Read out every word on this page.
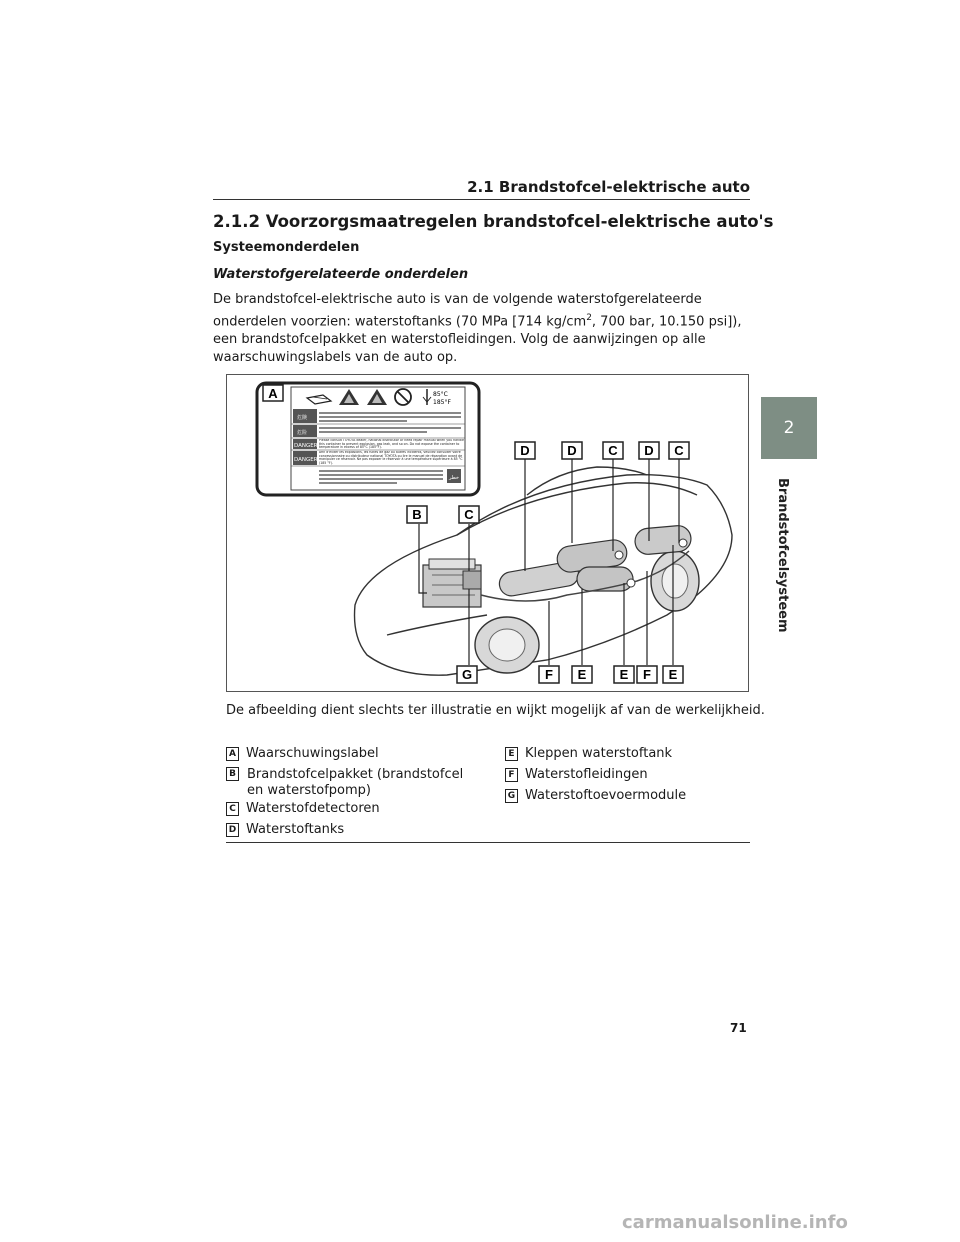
2.1 Brandstofcel-elektrische auto
2.1.2 Voorzorgsmaatregelen brandstofcel-elektrische auto's
Systeemonderdelen
Waterstofgerelateerde onderdelen
De brandstofcel-elektrische auto is van de volgende waterstofgerelateerde onderdelen voorzien: waterstoftanks (70 MPa [714 $kg/cm^2$, 700 bar, 10.150 psi]), een brandstofcelpakket en waterstofleidingen. Volg de aanwijzingen op alle waarschuwingslabels van de auto op.
A	85°C
185°F
危険
危险
DANGER
DANGER
خطر
Please consult TOYOTA dealer, national distributor or need repair manual when you handle this container to prevent explosion, gas leak, and so on. Do not expose the container to temperature in excess of 85°C (185°F).
Afin d'éviter les explosions, les fuites de gaz ou autres incidents, veuillez consulter votre concessionnaire ou distributeur national TOYOTA ou lire le manuel de réparation avant de manipuler ce réservoir. Ne pas exposer le réservoir à une température supérieure à 85 °C (185 °F).
B	C
D	D C D C
G	F E	E F E
De afbeelding dient slechts ter illustratie en wijkt mogelijk af van de werkelijkheid.
A Waarschuwingslabel
B Brandstofcelpakket (brandstofcel en waterstofpomp)
C Waterstofdetectoren
D Waterstoftanks
E Kleppen waterstoftank
F Waterstofleidingen
G Waterstoftoevoermodule
2
Brandstofcelsysteem
71
carmanualsonline.info
